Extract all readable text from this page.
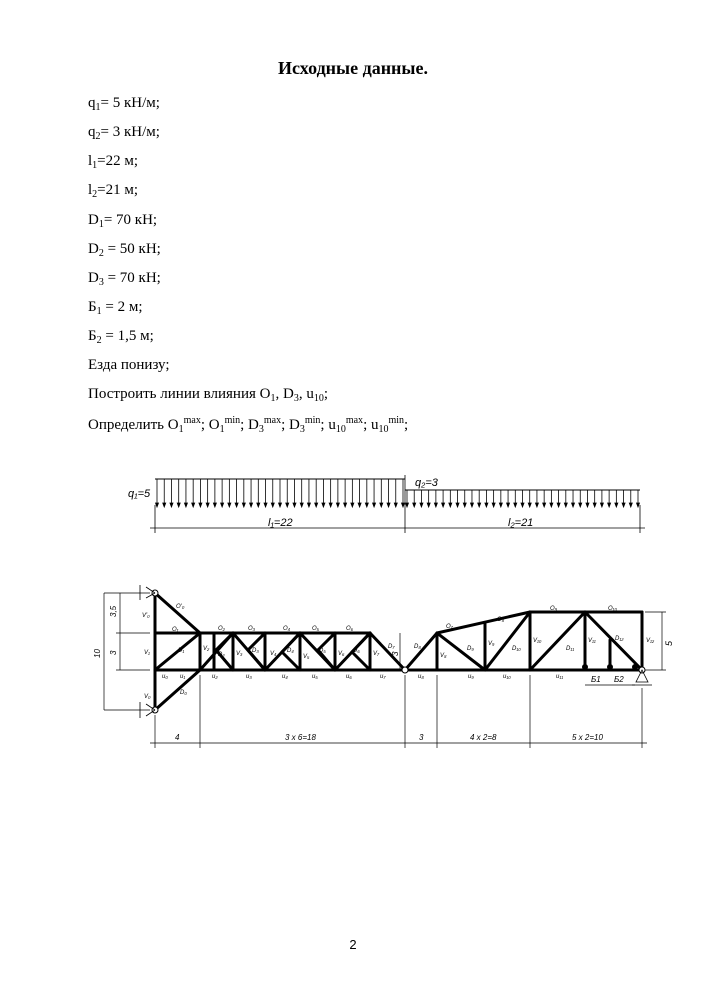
Исходные данные.
$q_1= 5$ кН/м;
$q_2= 3$ кН/м;
$l_1=22$ м;
$l_2=21$ м;
$D_1= 70$ кН;
$D_2 = 50$ кН;
$D_3 = 70$ кН;
$Б_1 = 2$ м;
$Б_2 = 1,5$ м;
Езда понизу;
Построить линии влияния $O_1$, $D_3$, $u_{10}$;
Определить $O_1^{max}$; $O_1^{min}$; $D_3^{max}$; $D_3^{min}$; $u_{10}^{max}$; $u_{10}^{min}$;
q₁=5
q₂=3
l₁=22	l₂=21
3,5
3
10
5
3
4	3 x 6=18	3	4 x 2=8	5 x 2=10
Б1 Б2
O'₀
O₁	O₂	O₃	O₄	O₅	O₆	O₇
O₈
O₉	O₁₀
u₀ u₁	u₂	u₃	u₄	u₅	u₆	u₇	u₈	u₉	u₁₀	u₁₁
V'₀
V₁
V₀
V₂
V₃	V₄	V₅	V₆	V₇	V₈
V₉	V₁₀	V₁₁	V₁₂
D₀
D₁
D₂
D₃	D₄	D₅	D₆
D₇	D₈	D₉	D₁₀	D₁₁
D₁₂
2
